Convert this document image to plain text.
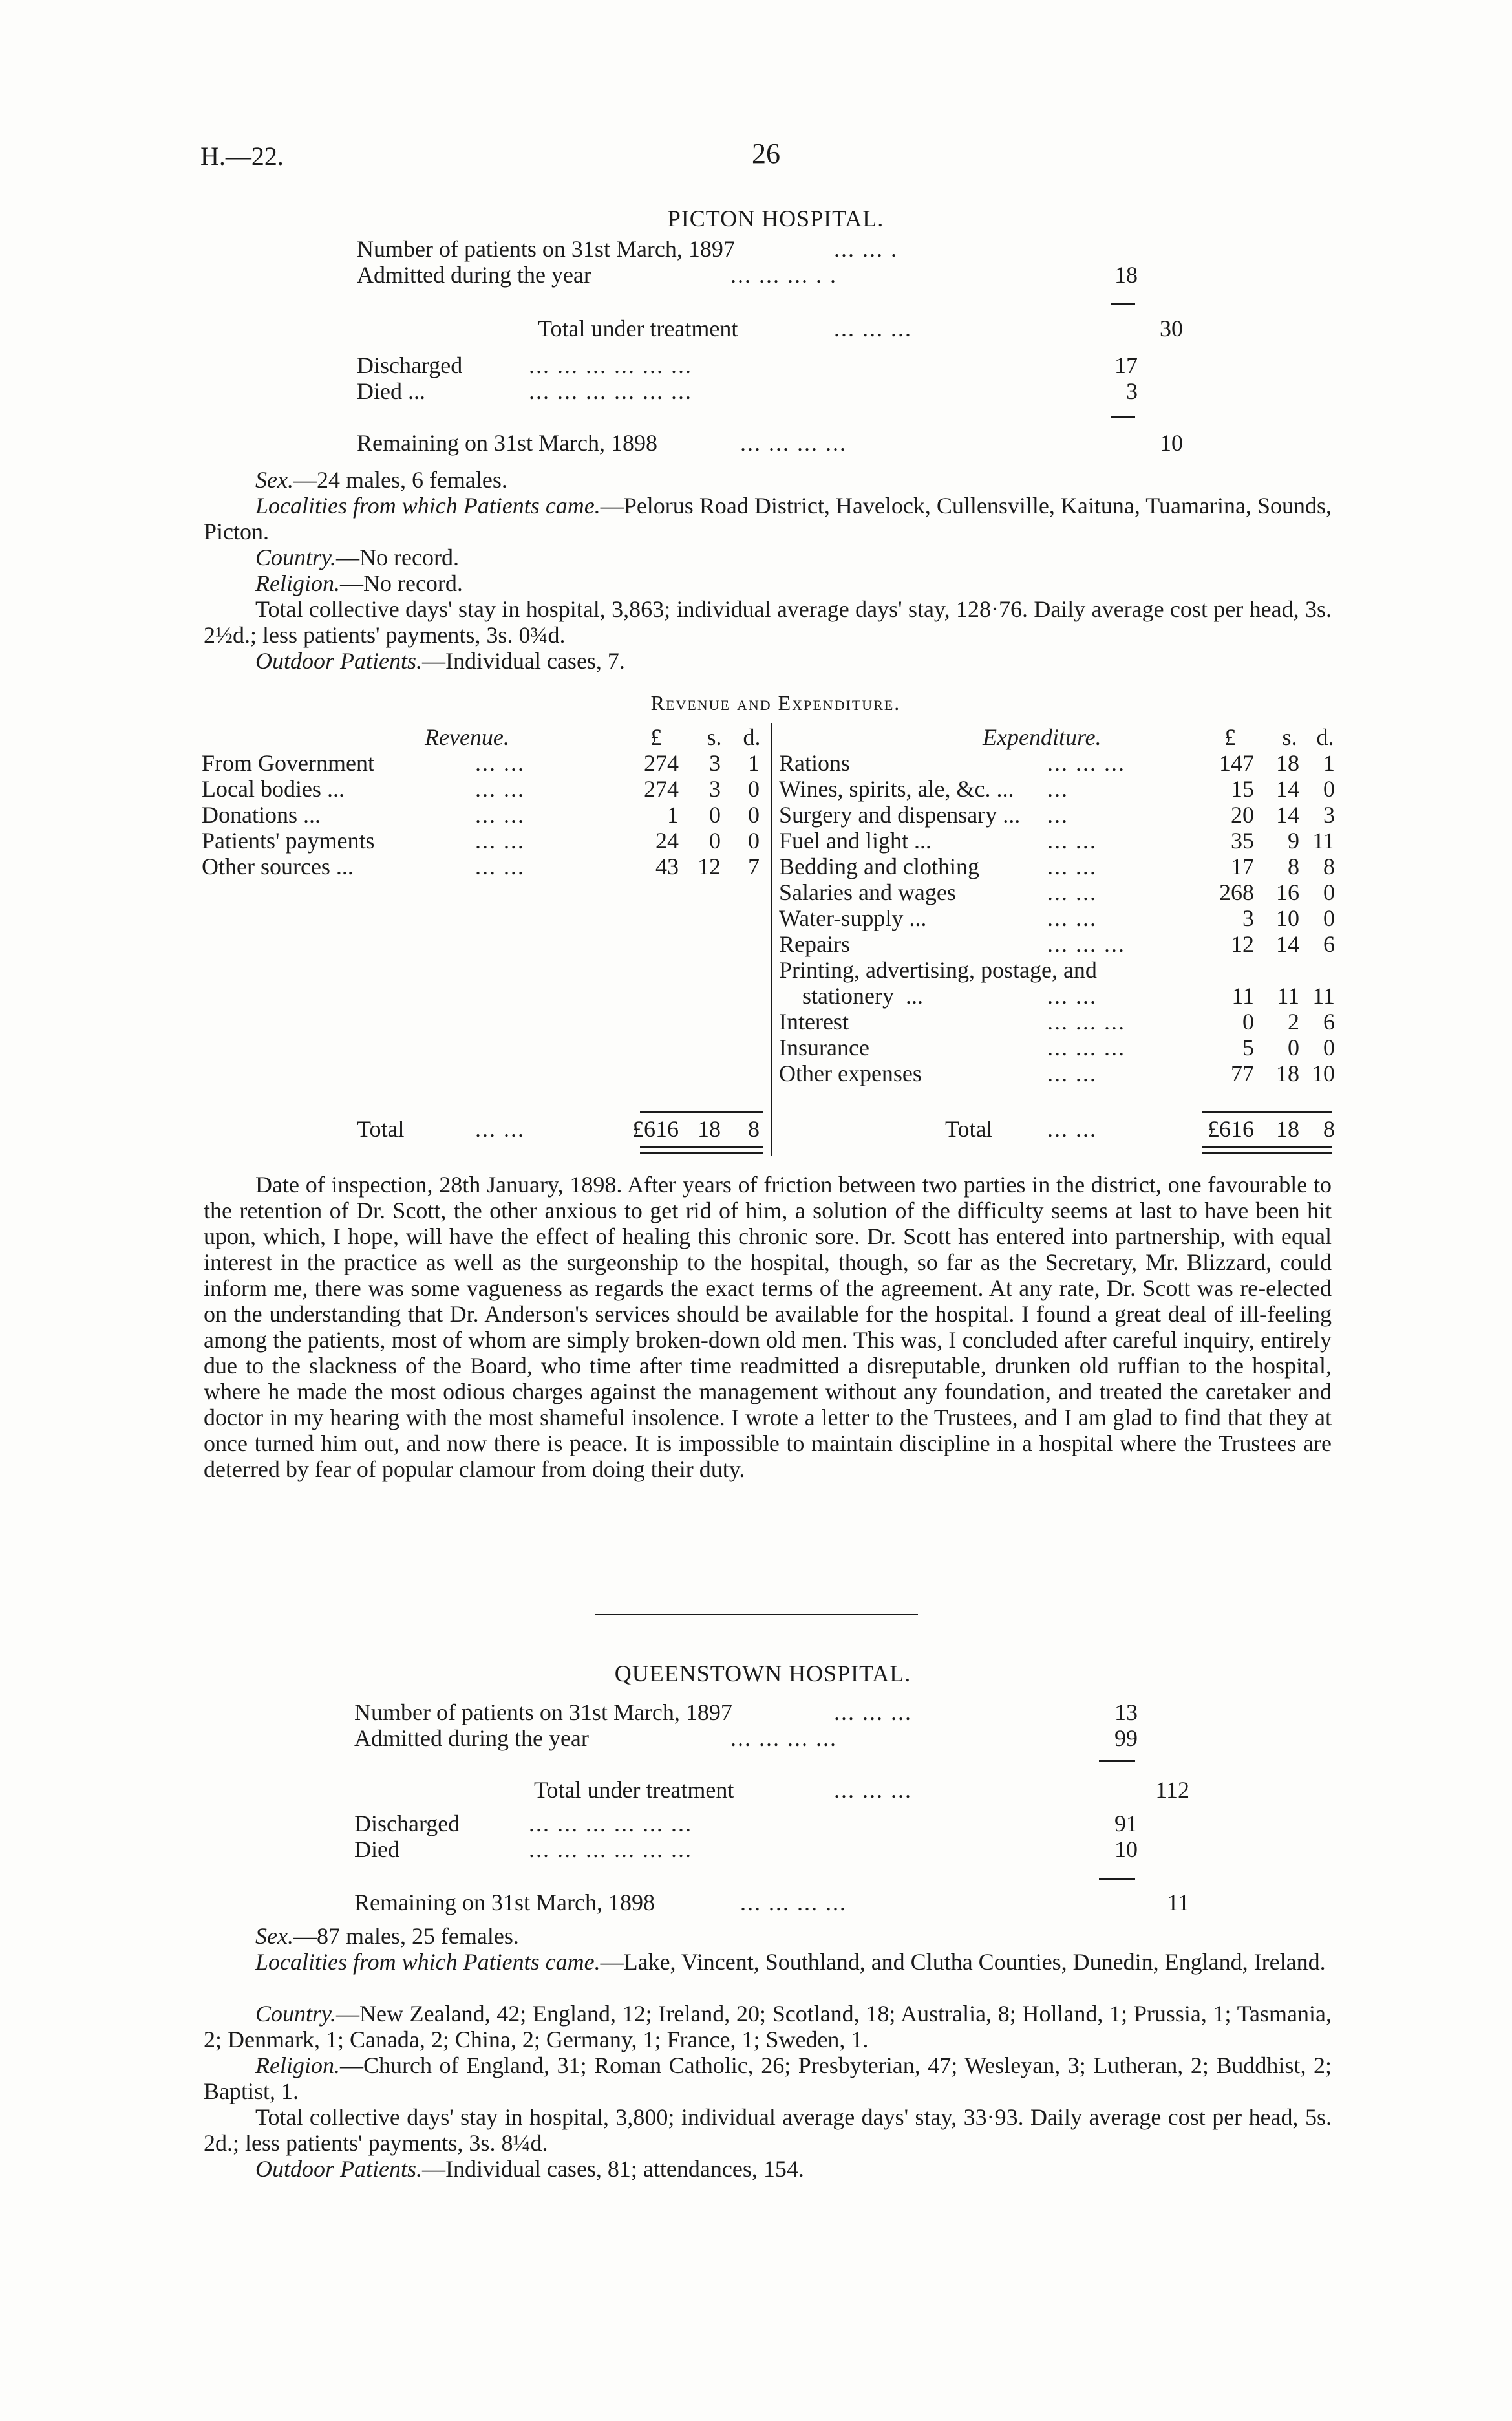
H.—22.	26
PICTON HOSPITAL.
Number of patients on 31st March, 1897	... ... .
Admitted during the year	... ... ... . .	18
Total under treatment	... ... ...	30
Discharged	... ... ... ... ... ...	17
Died ...	... ... ... ... ... ...	3
Remaining on 31st March, 1898	... ... ... ...	10
Sex.—24 males, 6 females.
Localities from which Patients came.—Pelorus Road District, Havelock, Cullensville, Kaituna, Tuamarina, Sounds, Picton.
Country.—No record.
Religion.—No record.
Total collective days' stay in hospital, 3,863; individual average days' stay, 128·76. Daily average cost per head, 3s. 2½d.; less patients' payments, 3s. 0¾d.
Outdoor Patients.—Individual cases, 7.
Revenue and Expenditure.
Revenue.	£	s. d.	Expenditure.	£	s. d.
From Government	... ...	274	3	1
Local bodies ...	... ...	274	3	0
Donations ...	... ...	1	0	0
Patients' payments	... ...	24	0	0
Other sources ...	... ...	43 12	7
Rations	... ... ...	147 18	1
Wines, spirits, ale, &c. ... ...	15 14	0
Surgery and dispensary ... ...	20 14	3
Fuel and light ...	... ...	35	9 11
Bedding and clothing	... ...	17	8	8
Salaries and wages	... ...	268 16	0
Water-supply ...	... ...	3 10	0
Repairs	... ... ...	12 14	6
Printing, advertising, postage, and
stationery  ...	... ...	11 11 11
Interest	... ... ...	0	2	6
Insurance	... ... ...	5	0	0
Other expenses	... ...	77 18 10
Total	... ...	£616 18	8	Total ... ...	£616 18	8
Date of inspection, 28th January, 1898. After years of friction between two parties in the district, one favourable to the retention of Dr. Scott, the other anxious to get rid of him, a solution of the difficulty seems at last to have been hit upon, which, I hope, will have the effect of healing this chronic sore. Dr. Scott has entered into partnership, with equal interest in the practice as well as the surgeonship to the hospital, though, so far as the Secretary, Mr. Blizzard, could inform me, there was some vagueness as regards the exact terms of the agreement. At any rate, Dr. Scott was re-elected on the understanding that Dr. Anderson's services should be available for the hospital. I found a great deal of ill-feeling among the patients, most of whom are simply broken-down old men. This was, I concluded after careful inquiry, entirely due to the slackness of the Board, who time after time readmitted a disreputable, drunken old ruffian to the hospital, where he made the most odious charges against the management without any foundation, and treated the caretaker and doctor in my hearing with the most shameful insolence. I wrote a letter to the Trustees, and I am glad to find that they at once turned him out, and now there is peace. It is impossible to maintain discipline in a hospital where the Trustees are deterred by fear of popular clamour from doing their duty.
QUEENSTOWN HOSPITAL.
Number of patients on 31st March, 1897	... ... ...	13
Admitted during the year	... ... ... ...	99
Total under treatment	... ... ...	112
Discharged	... ... ... ... ... ...	91
Died	... ... ... ... ... ...	10
Remaining on 31st March, 1898	... ... ... ...	11
Sex.—87 males, 25 females.
Localities from which Patients came.—Lake, Vincent, Southland, and Clutha Counties, Dunedin, England, Ireland.
Country.—New Zealand, 42; England, 12; Ireland, 20; Scotland, 18; Australia, 8; Holland, 1; Prussia, 1; Tasmania, 2; Denmark, 1; Canada, 2; China, 2; Germany, 1; France, 1; Sweden, 1.
Religion.—Church of England, 31; Roman Catholic, 26; Presbyterian, 47; Wesleyan, 3; Lutheran, 2; Buddhist, 2; Baptist, 1.
Total collective days' stay in hospital, 3,800; individual average days' stay, 33·93. Daily average cost per head, 5s. 2d.; less patients' payments, 3s. 8¼d.
Outdoor Patients.—Individual cases, 81; attendances, 154.
